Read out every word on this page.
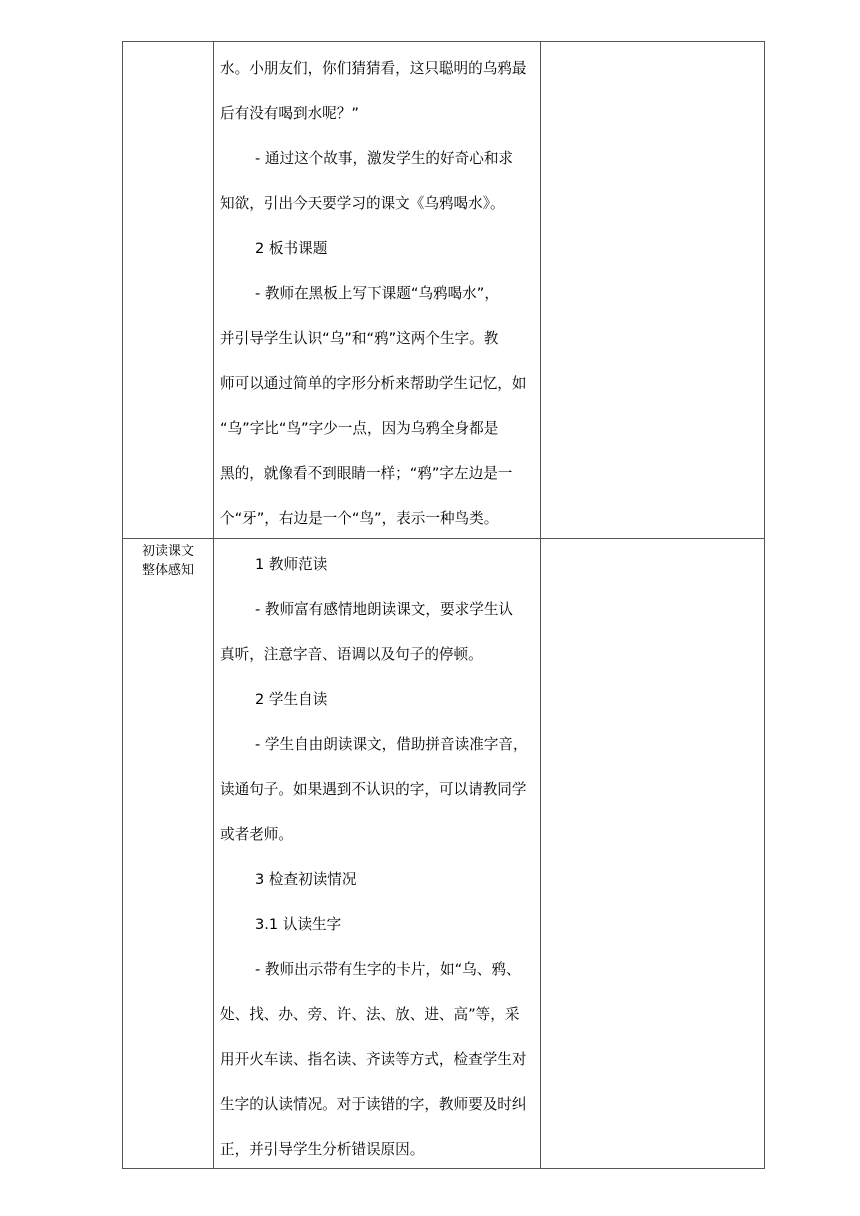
水。小朋友们，你们猜猜看，这只聪明的乌鸦最
后有没有喝到水呢？”
- 通过这个故事，激发学生的好奇心和求
知欲，引出今天要学习的课文《乌鸦喝水》。
2 板书课题
- 教师在黑板上写下课题“乌鸦喝水”，
并引导学生认识“乌”和“鸦”这两个生字。教
师可以通过简单的字形分析来帮助学生记忆，如
“乌”字比“鸟”字少一点，因为乌鸦全身都是
黑的，就像看不到眼睛一样；“鸦”字左边是一
个“牙”，右边是一个“鸟”，表示一种鸟类。
初读课文
整体感知	1 教师范读
- 教师富有感情地朗读课文，要求学生认
真听，注意字音、语调以及句子的停顿。
2 学生自读
- 学生自由朗读课文，借助拼音读准字音，
读通句子。如果遇到不认识的字，可以请教同学
或者老师。
3 检查初读情况
3.1 认读生字
- 教师出示带有生字的卡片，如“乌、鸦、
处、找、办、旁、许、法、放、进、高”等，采
用开火车读、指名读、齐读等方式，检查学生对
生字的认读情况。对于读错的字，教师要及时纠
正，并引导学生分析错误原因。
